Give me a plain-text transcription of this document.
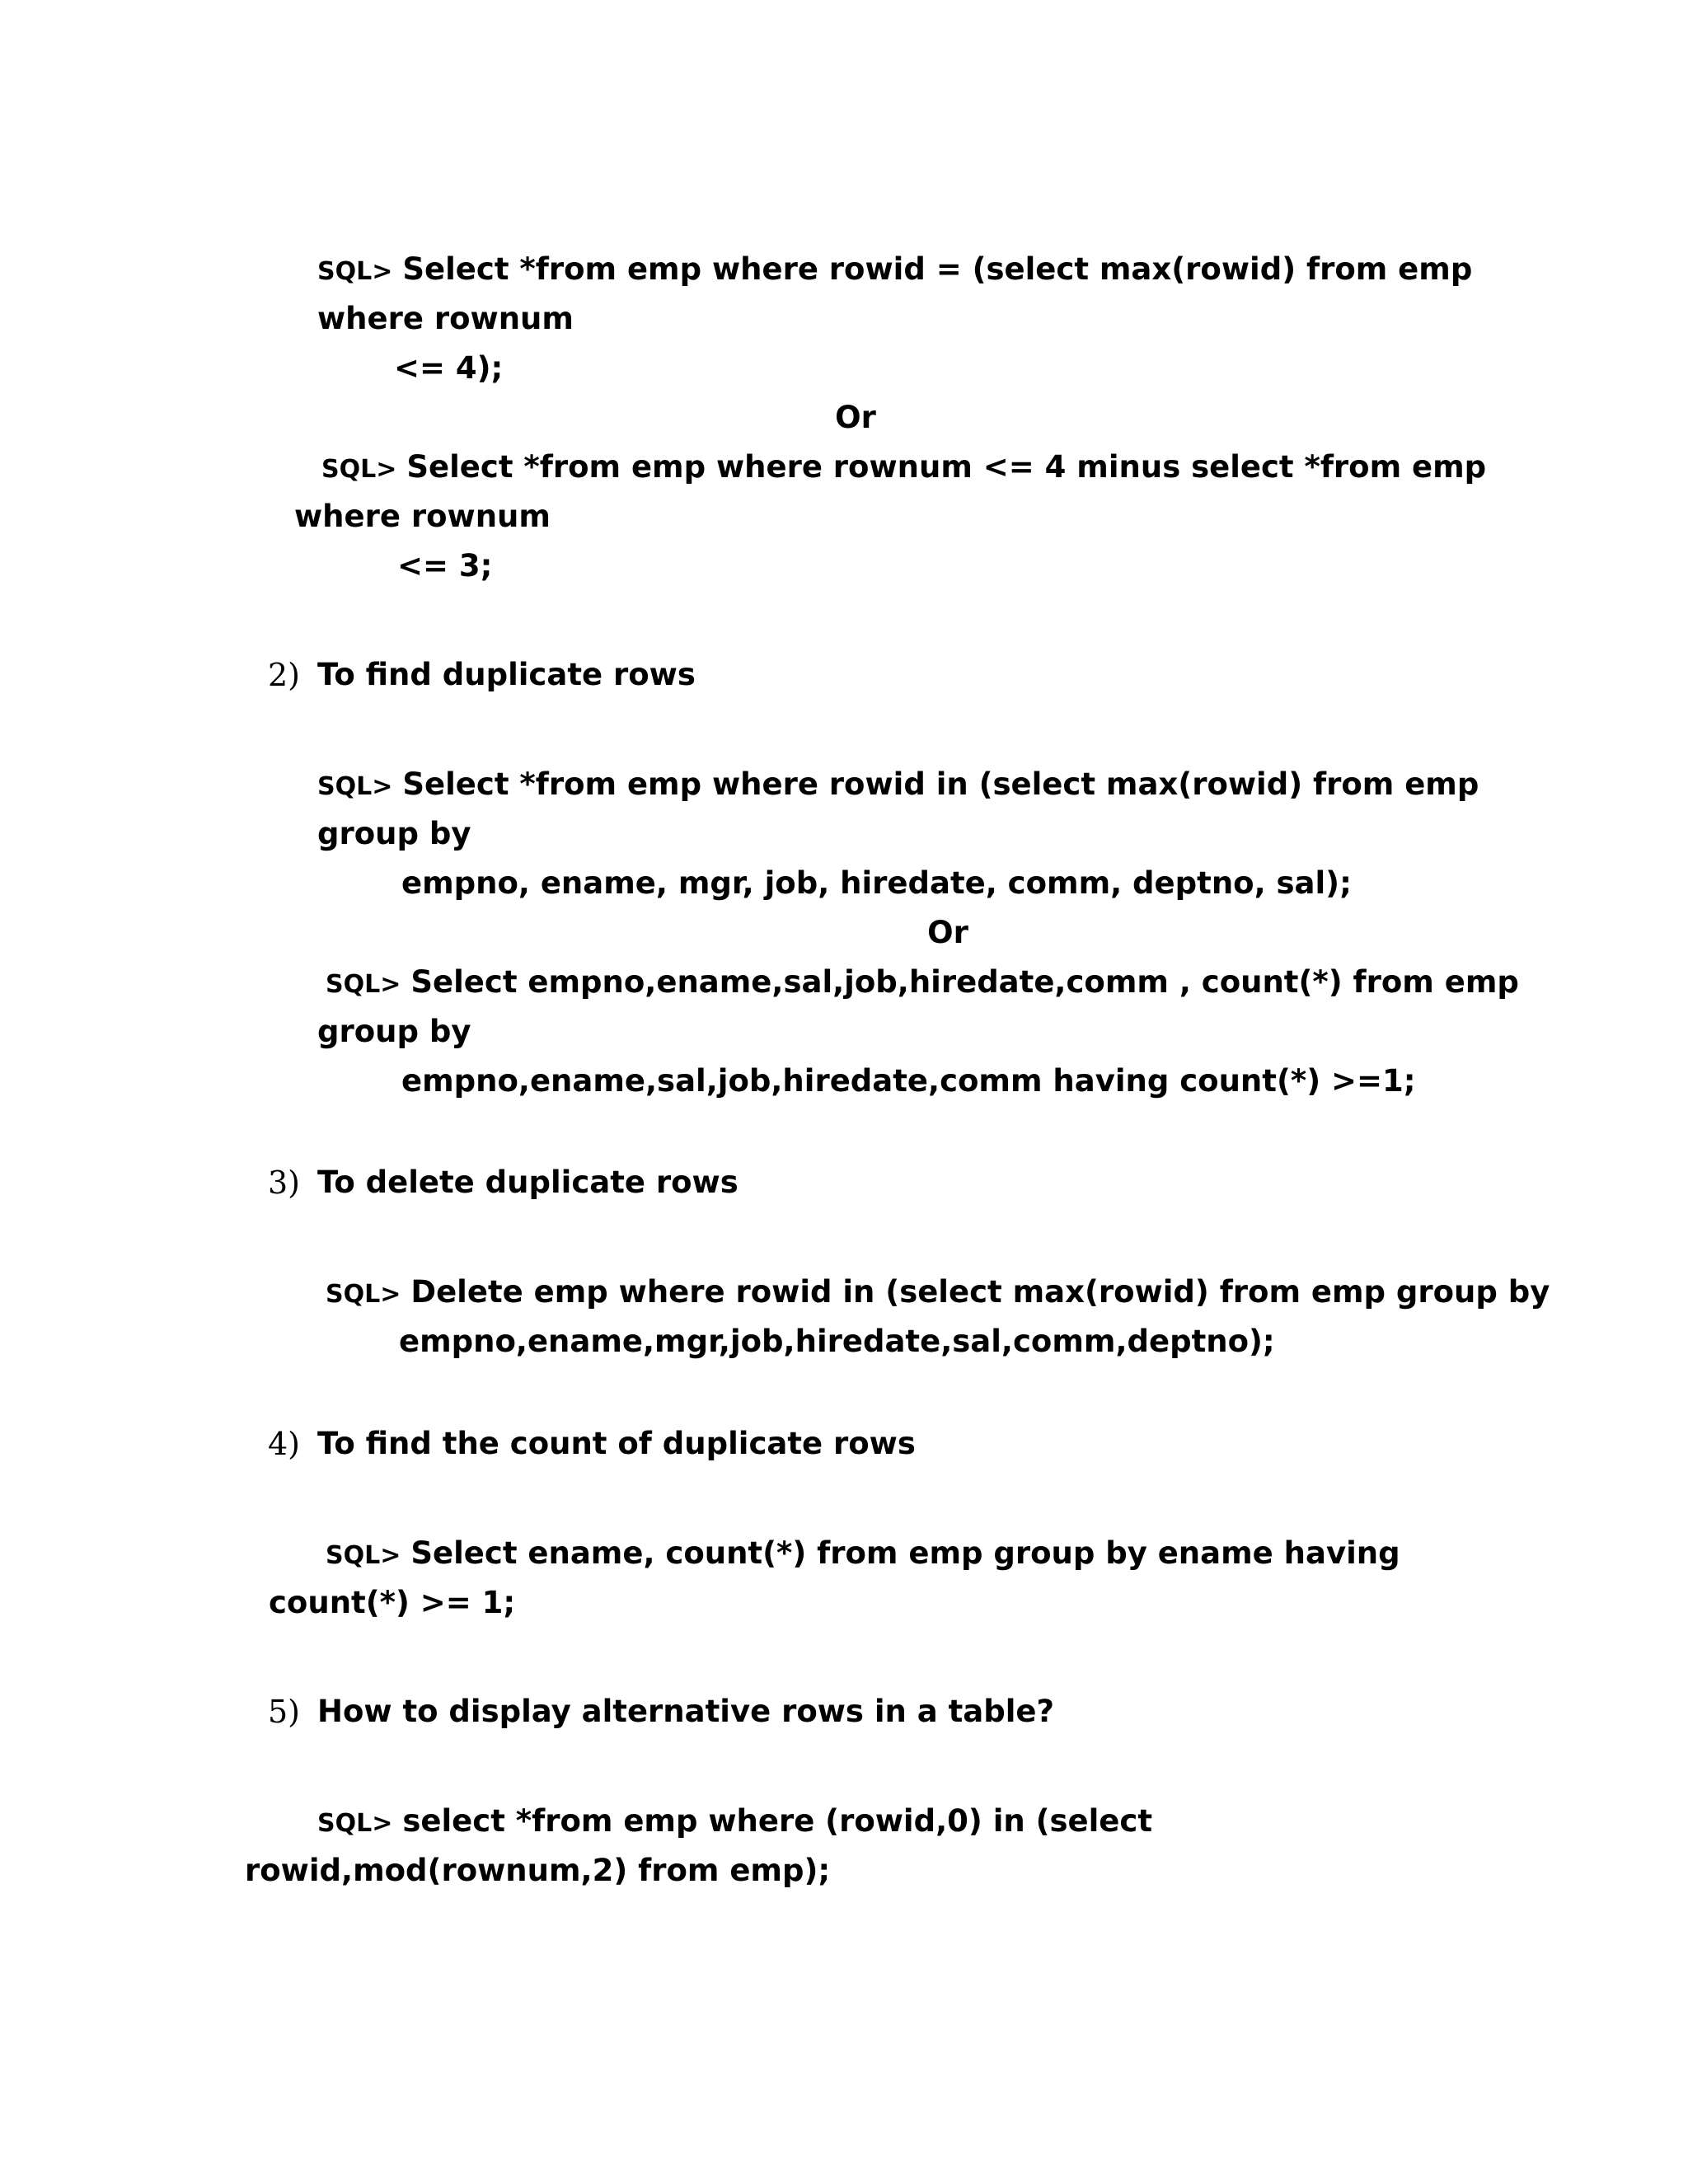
SQL> Select *from emp where rowid = (select max(rowid) from emp
where rownum
<= 4);
Or
SQL> Select *from emp where rownum <= 4 minus select *from emp
where rownum
<= 3;
2) To find duplicate rows
SQL> Select *from emp where rowid in (select max(rowid) from emp
group by
empno, ename, mgr, job, hiredate, comm, deptno, sal);
Or
SQL> Select empno,ename,sal,job,hiredate,comm , count(*) from emp
group by
empno,ename,sal,job,hiredate,comm having count(*) >=1;
3) To delete duplicate rows
SQL> Delete emp where rowid in (select max(rowid) from emp group by
empno,ename,mgr,job,hiredate,sal,comm,deptno);
4) To find the count of duplicate rows
SQL> Select ename, count(*) from emp group by ename having
count(*) >= 1;
5) How to display alternative rows in a table?
SQL> select *from emp where (rowid,0) in (select
rowid,mod(rownum,2) from emp);
